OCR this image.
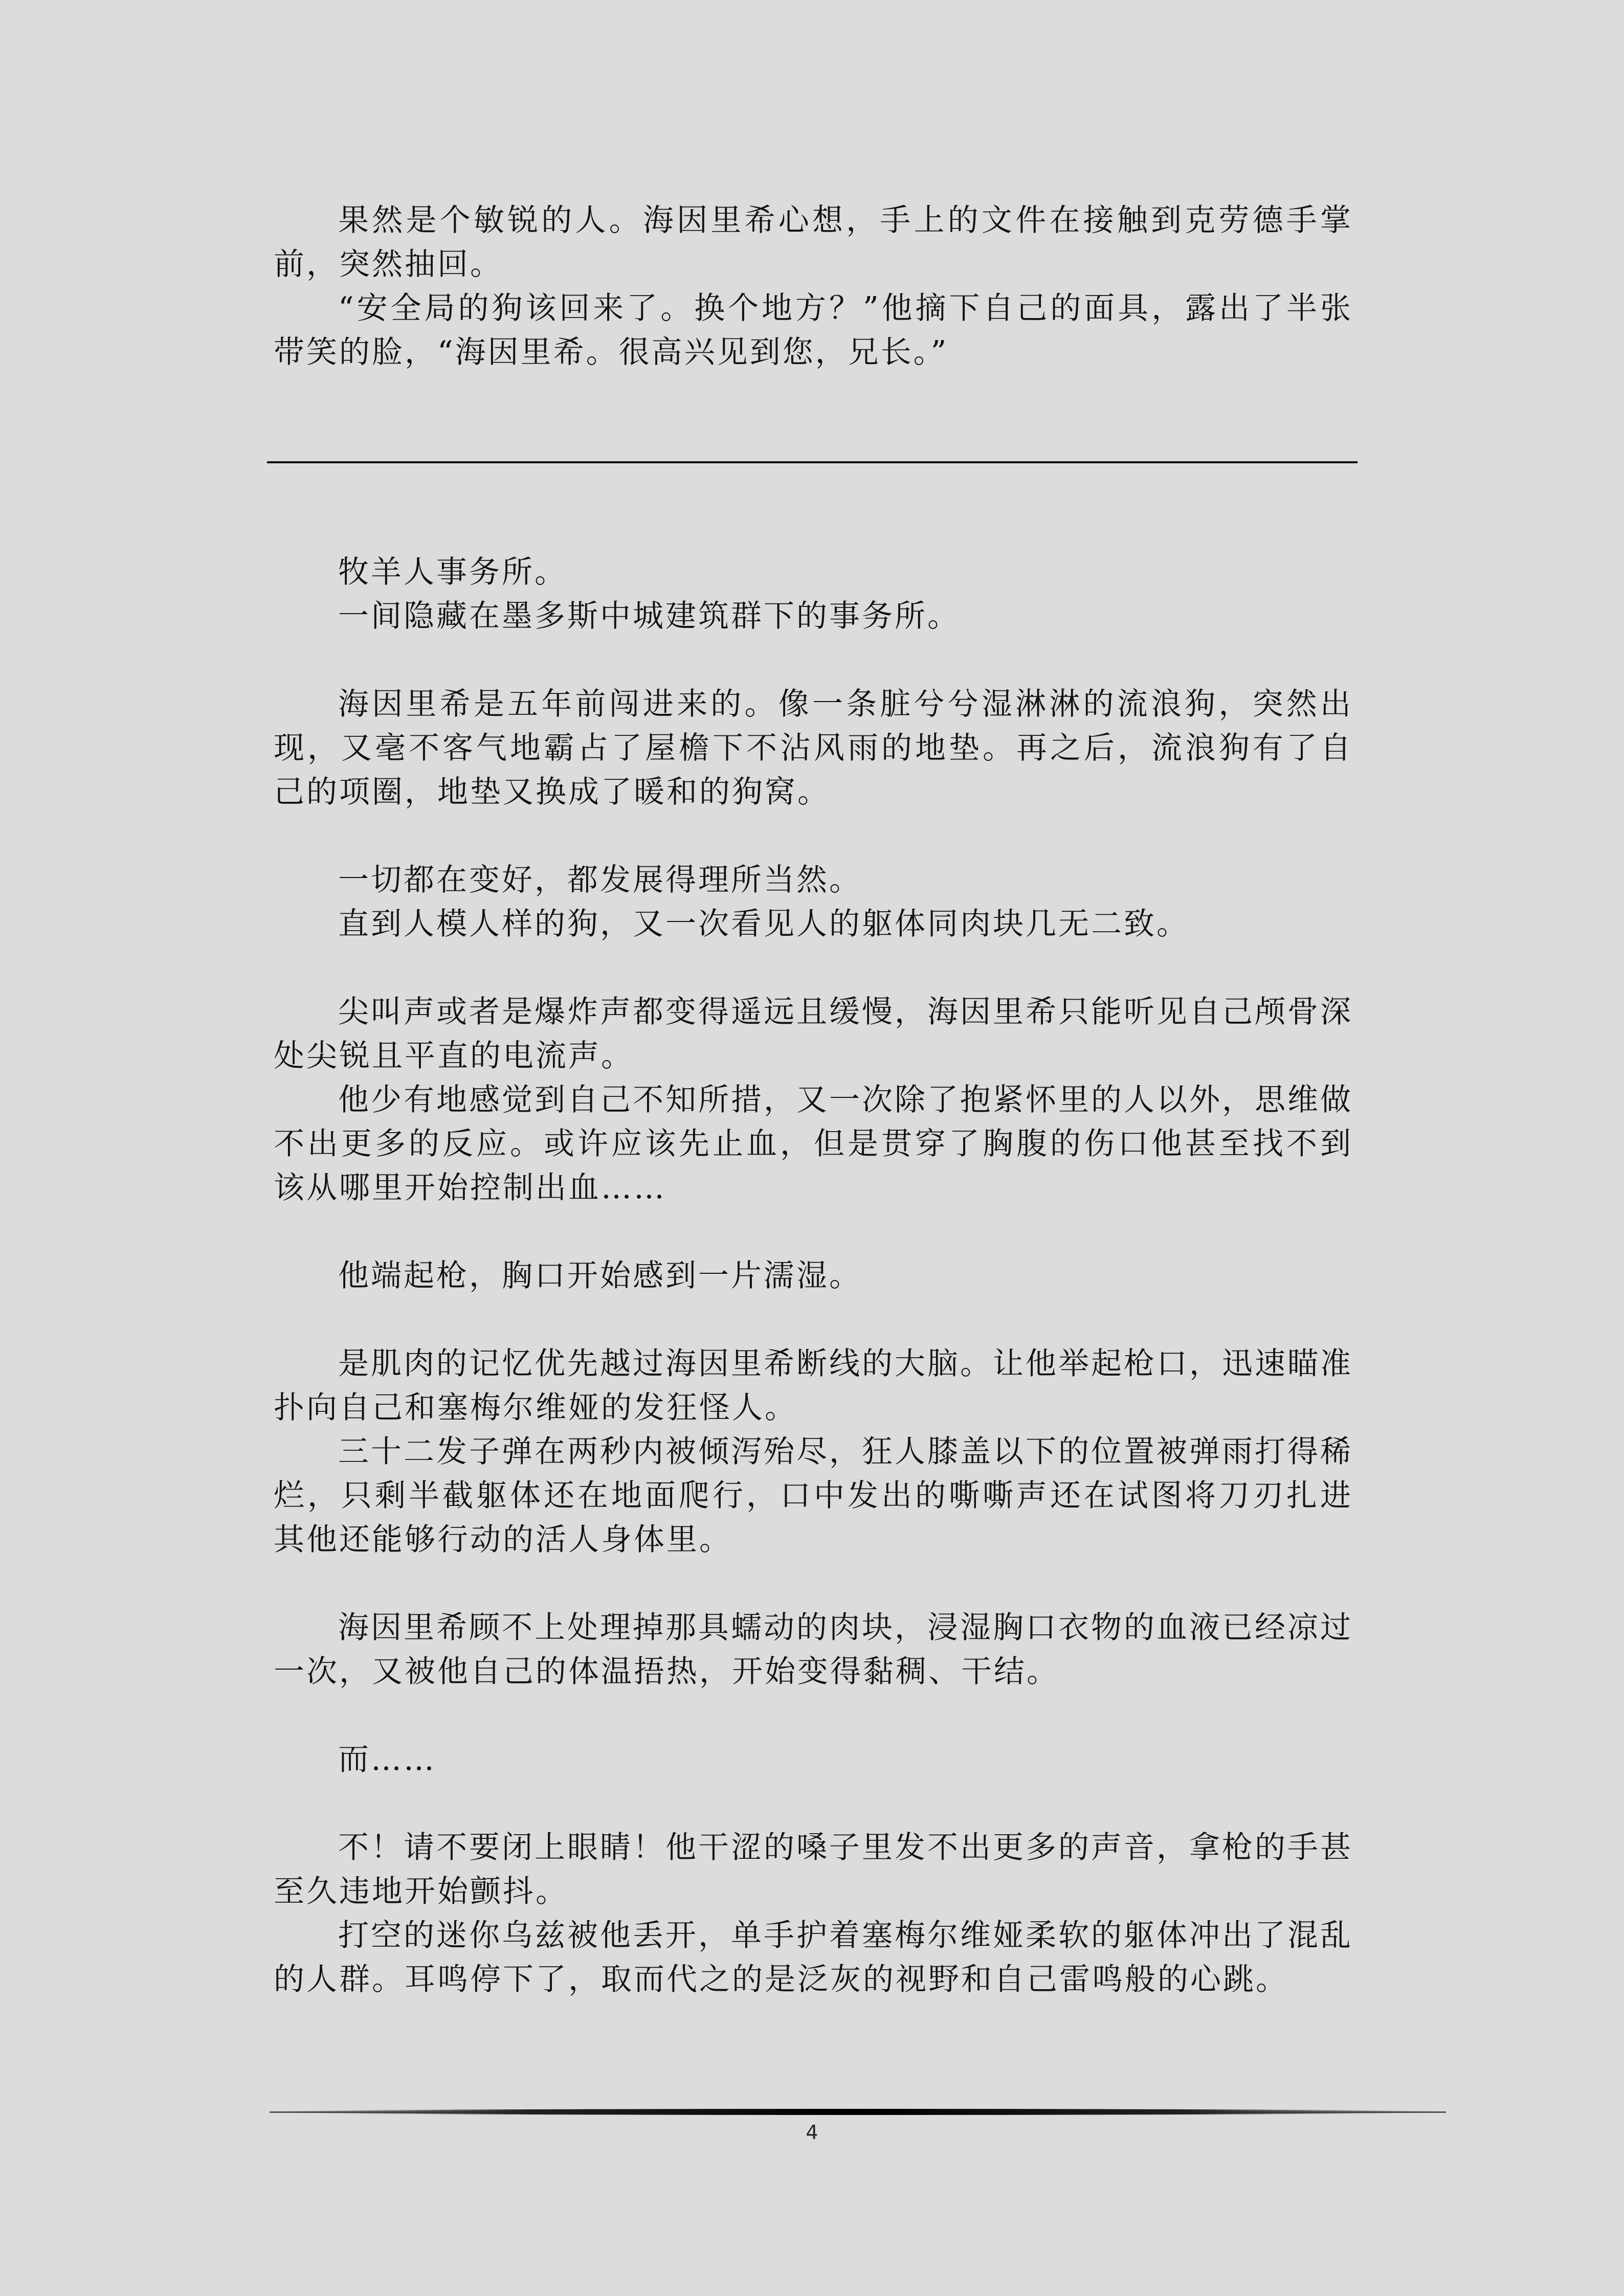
果然是个敏锐的人。海因里希心想，手上的文件在接触到克劳德手掌前，突然抽回。

“安全局的狗该回来了。换个地方？”他摘下自己的面具，露出了半张带笑的脸，“海因里希。很高兴见到您，兄长。”

牧羊人事务所。

一间隐藏在墨多斯中城建筑群下的事务所。

海因里希是五年前闯进来的。像一条脏兮兮湿淋淋的流浪狗，突然出现，又毫不客气地霸占了屋檐下不沾风雨的地垫。再之后，流浪狗有了自己的项圈，地垫又换成了暖和的狗窝。

一切都在变好，都发展得理所当然。

直到人模人样的狗，又一次看见人的躯体同肉块几无二致。

尖叫声或者是爆炸声都变得遥远且缓慢，海因里希只能听见自己颅骨深处尖锐且平直的电流声。

他少有地感觉到自己不知所措，又一次除了抱紧怀里的人以外，思维做不出更多的反应。或许应该先止血，但是贯穿了胸腹的伤口他甚至找不到该从哪里开始控制出血……

他端起枪，胸口开始感到一片濡湿。

是肌肉的记忆优先越过海因里希断线的大脑。让他举起枪口，迅速瞄准扑向自己和塞梅尔维娅的发狂怪人。

三十二发子弹在两秒内被倾泻殆尽，狂人膝盖以下的位置被弹雨打得稀烂，只剩半截躯体还在地面爬行，口中发出的嘶嘶声还在试图将刀刃扎进其他还能够行动的活人身体里。

海因里希顾不上处理掉那具蠕动的肉块，浸湿胸口衣物的血液已经凉过一次，又被他自己的体温捂热，开始变得黏稠、干结。

而……

不！请不要闭上眼睛！他干涩的嗓子里发不出更多的声音，拿枪的手甚至久违地开始颤抖。

打空的迷你乌兹被他丢开，单手护着塞梅尔维娅柔软的躯体冲出了混乱的人群。耳鸣停下了，取而代之的是泛灰的视野和自己雷鸣般的心跳。

4
